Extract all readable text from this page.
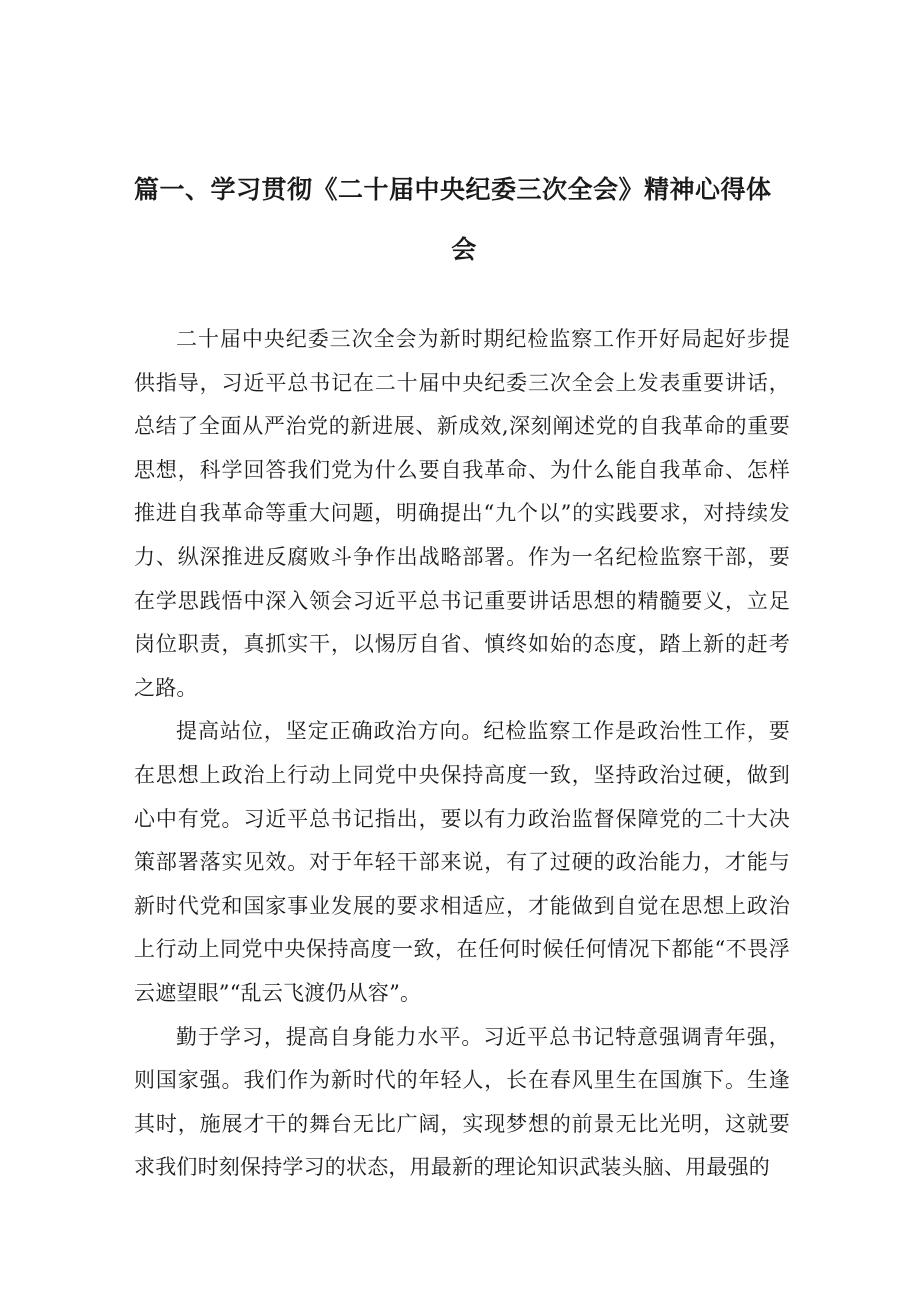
篇一、学习贯彻《二十届中央纪委三次全会》精神心得体
会

二十届中央纪委三次全会为新时期纪检监察工作开好局起好步提供指导，习近平总书记在二十届中央纪委三次全会上发表重要讲话，总结了全面从严治党的新进展、新成效,深刻阐述党的自我革命的重要思想，科学回答我们党为什么要自我革命、为什么能自我革命、怎样推进自我革命等重大问题，明确提出“九个以”的实践要求，对持续发力、纵深推进反腐败斗争作出战略部署。作为一名纪检监察干部，要在学思践悟中深入领会习近平总书记重要讲话思想的精髓要义，立足岗位职责，真抓实干，以惕厉自省、慎终如始的态度，踏上新的赶考之路。

提高站位，坚定正确政治方向。纪检监察工作是政治性工作，要在思想上政治上行动上同党中央保持高度一致，坚持政治过硬，做到心中有党。习近平总书记指出，要以有力政治监督保障党的二十大决策部署落实见效。对于年轻干部来说，有了过硬的政治能力，才能与新时代党和国家事业发展的要求相适应，才能做到自觉在思想上政治上行动上同党中央保持高度一致，在任何时候任何情况下都能“不畏浮云遮望眼”“乱云飞渡仍从容”。

勤于学习，提高自身能力水平。习近平总书记特意强调青年强，则国家强。我们作为新时代的年轻人，长在春风里生在国旗下。生逢其时，施展才干的舞台无比广阔，实现梦想的前景无比光明，这就要求我们时刻保持学习的状态，用最新的理论知识武装头脑、用最强的
